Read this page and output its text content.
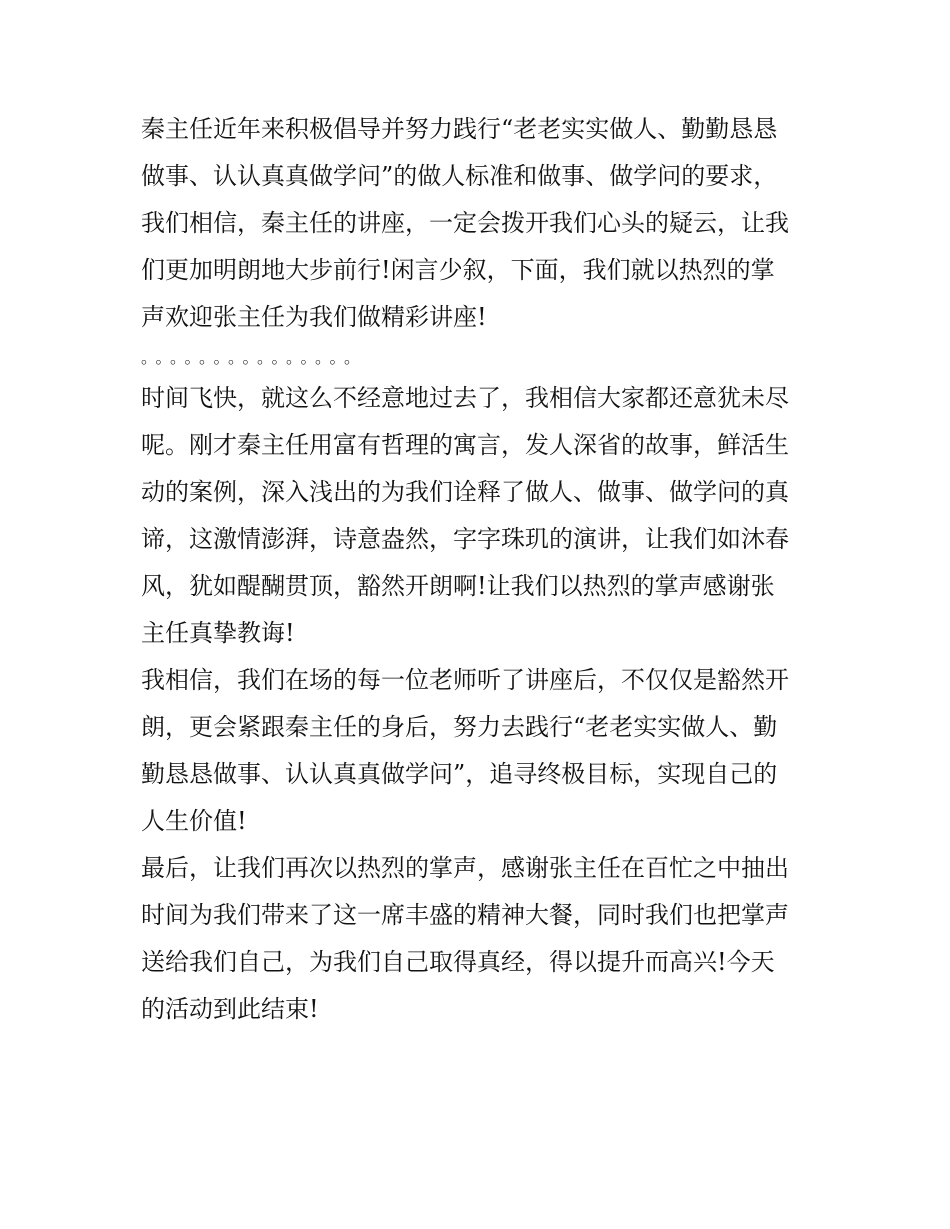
秦主任近年来积极倡导并努力践行“老老实实做人、勤勤恳恳
做事、认认真真做学问”的做人标准和做事、做学问的要求，
我们相信，秦主任的讲座，一定会拨开我们心头的疑云，让我
们更加明朗地大步前行!闲言少叙，下面，我们就以热烈的掌
声欢迎张主任为我们做精彩讲座!
。。。。。。。。。。。。。。。
时间飞快，就这么不经意地过去了，我相信大家都还意犹未尽
呢。刚才秦主任用富有哲理的寓言，发人深省的故事，鲜活生
动的案例，深入浅出的为我们诠释了做人、做事、做学问的真
谛，这激情澎湃，诗意盎然，字字珠玑的演讲，让我们如沐春
风，犹如醍醐贯顶，豁然开朗啊!让我们以热烈的掌声感谢张
主任真挚教诲!
我相信，我们在场的每一位老师听了讲座后，不仅仅是豁然开
朗，更会紧跟秦主任的身后，努力去践行“老老实实做人、勤
勤恳恳做事、认认真真做学问”，追寻终极目标，实现自己的
人生价值!
最后，让我们再次以热烈的掌声，感谢张主任在百忙之中抽出
时间为我们带来了这一席丰盛的精神大餐，同时我们也把掌声
送给我们自己，为我们自己取得真经，得以提升而高兴!今天
的活动到此结束!
